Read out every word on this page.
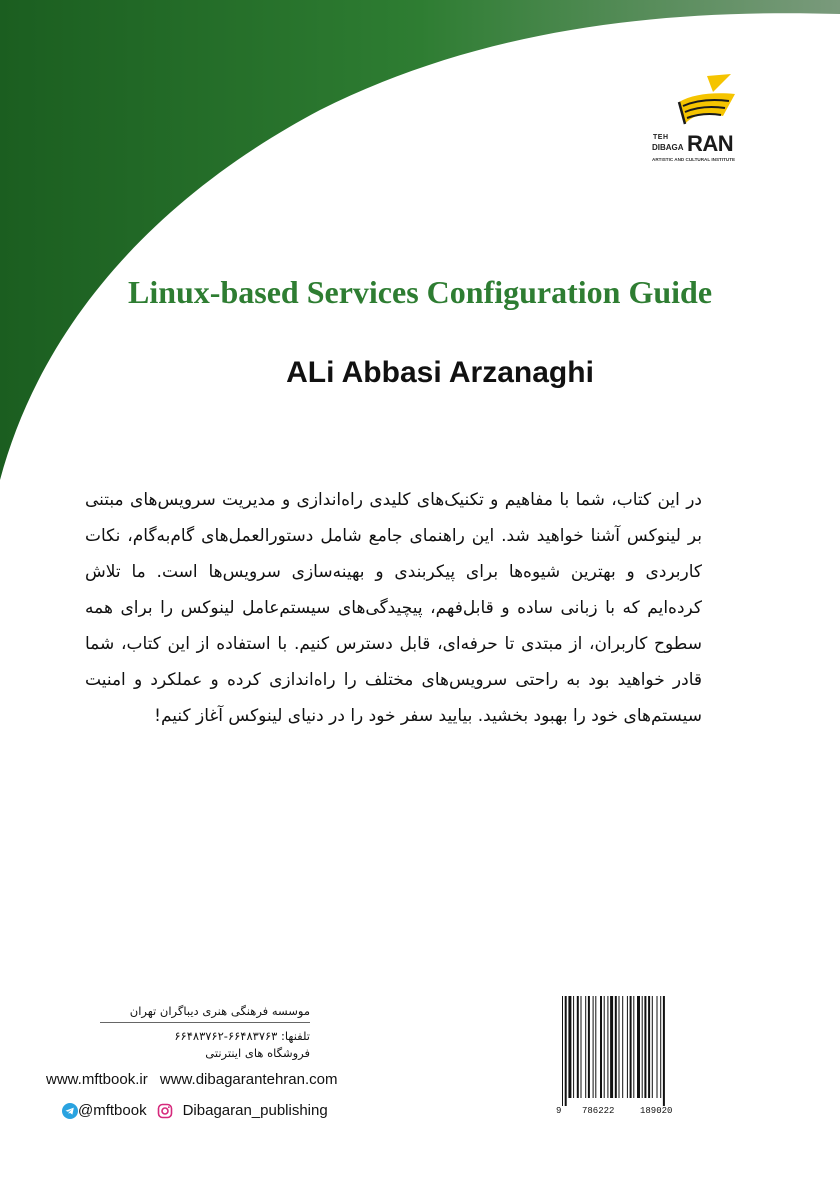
TEH
DIBAGA RAN
ARTISTIC AND CULTURAL INSTITUTE
Linux-based Services Configuration Guide
ALi Abbasi Arzanaghi

در این کتاب، شما با مفاهیم و تکنیک‌های کلیدی راه‌اندازی و مدیریت سرویس‌های مبتنی بر لینوکس آشنا خواهید شد. این راهنمای جامع شامل دستورالعمل‌های گام‌به‌گام، نکات کاربردی و بهترین شیوه‌ها برای پیکربندی و بهینه‌سازی سرویس‌ها است. ما تلاش کرده‌ایم که با زبانی ساده و قابل‌فهم، پیچیدگی‌های سیستم‌عامل لینوکس را برای همه سطوح کاربران، از مبتدی تا حرفه‌ای، قابل دسترس کنیم. با استفاده از این کتاب، شما قادر خواهید بود به راحتی سرویس‌های مختلف را راه‌اندازی کرده و عملکرد و امنیت سیستم‌های خود را بهبود بخشید. بیایید سفر خود را در دنیای لینوکس آغاز کنیم!

موسسه فرهنگی هنری دیباگران تهران
تلفنها: ۶۶۴۸۳۷۶۳-۶۶۴۸۳۷۶۲
فروشگاه های اینترنتی
www.mftbook.ir www.dibagarantehran.com
@mftbook Dibagaran_publishing	9 786222	189020
